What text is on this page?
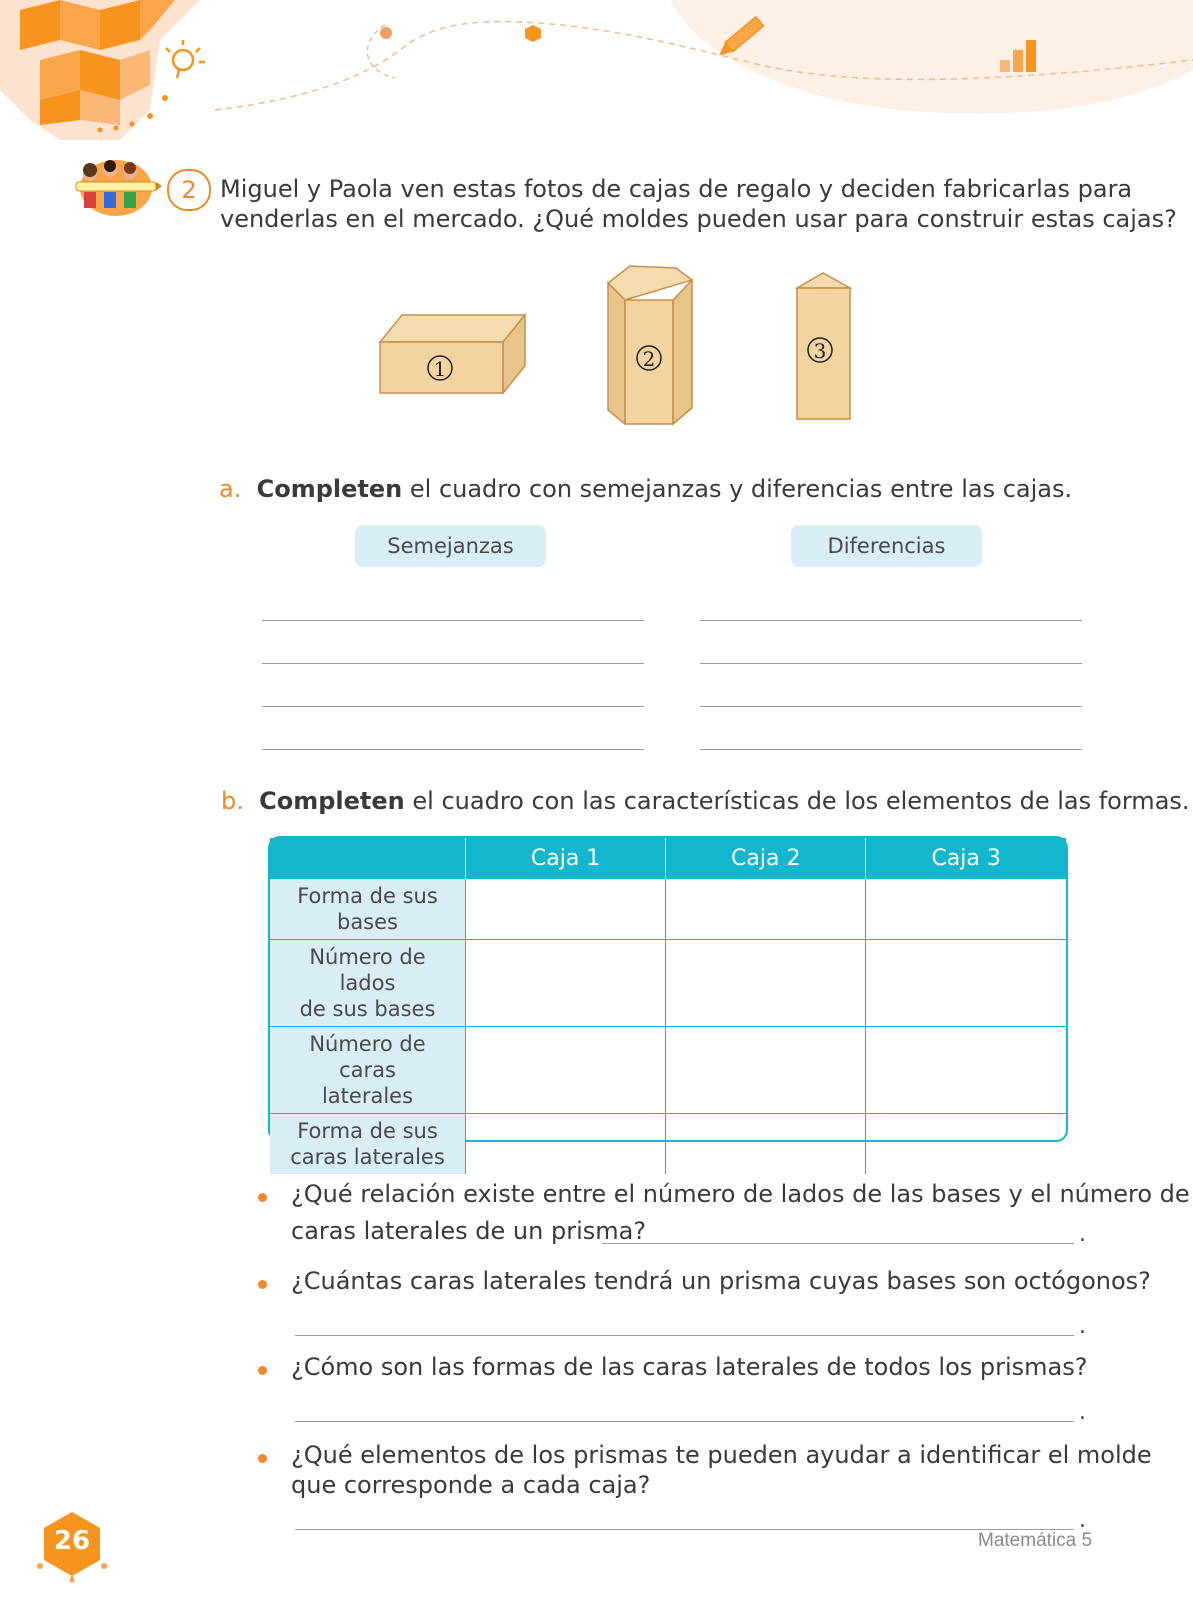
2 Miguel y Paola ven estas fotos de cajas de regalo y deciden fabricarlas para
venderlas en el mercado. ¿Qué moldes pueden usar para construir estas cajas?
1	2	3
a. Completen el cuadro con semejanzas y diferencias entre las cajas.
Semejanzas	Diferencias
b. Completen el cuadro con las características de los elementos de las formas.
	Caja 1	Caja 2	Caja 3

Forma de sus
bases			

Número de lados
de sus bases			

Número de caras
laterales			

Forma de sus
caras laterales			

¿Qué relación existe entre el número de lados de las bases y el número de
caras laterales de un prisma?	.
¿Cuántas caras laterales tendrá un prisma cuyas bases son octógonos?
.
¿Cómo son las formas de las caras laterales de todos los prismas?
.
¿Qué elementos de los prismas te pueden ayudar a identificar el molde
que corresponde a cada caja?
.
26	Matemática 5
